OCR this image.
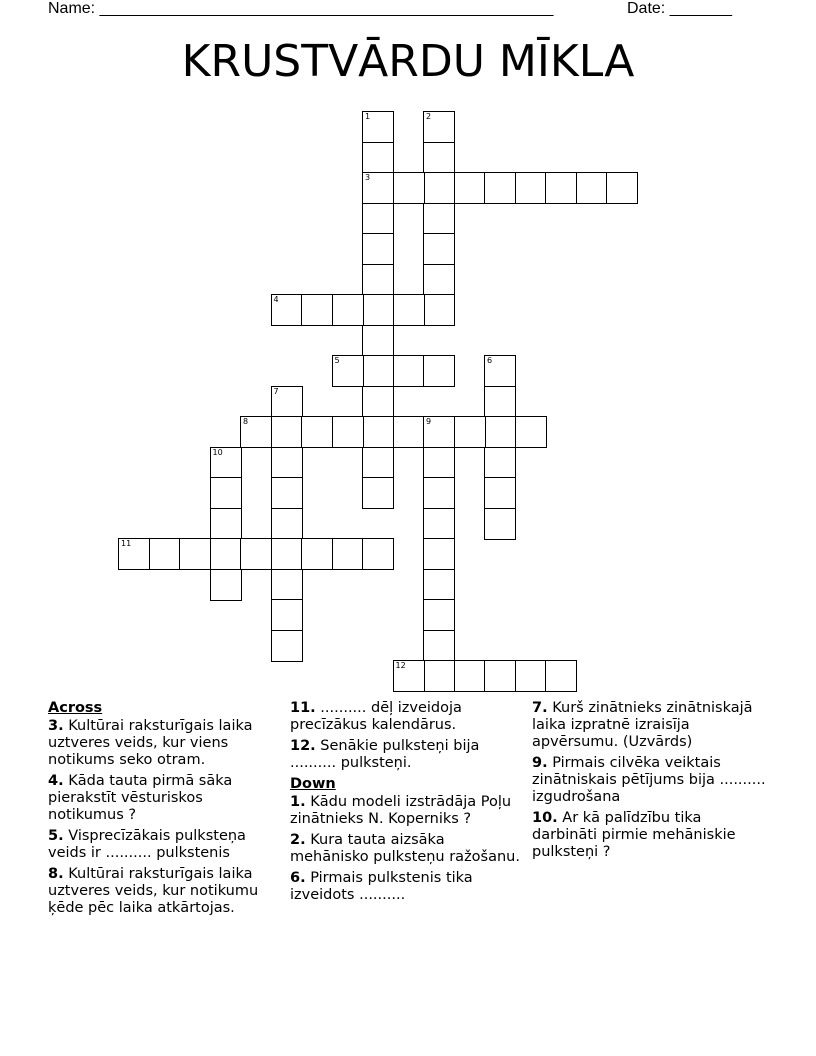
Name: ___________________________________________________	Date: _______
KRUSTVĀRDU MĪKLA
1
3
2
4
5	6
7
8	9
10
11
12
Across
3. Kultūrai raksturīgais laika uztveres veids, kur viens notikums seko otram.
4. Kāda tauta pirmā sāka pierakstīt vēsturiskos notikumus ?
5. Visprecīzākais pulksteņa veids ir .......... pulkstenis
8. Kultūrai raksturīgais laika uztveres veids, kur notikumu ķēde pēc laika atkārtojas.
11. .......... dēļ izveidoja precīzākus kalendārus.
12. Senākie pulksteņi bija .......... pulksteņi.
Down
1. Kādu modeli izstrādāja Poļu zinātnieks N. Koperniks ?
2. Kura tauta aizsāka mehānisko pulksteņu ražošanu.
6. Pirmais pulkstenis tika izveidots ..........
7. Kurš zinātnieks zinātniskajā laika izpratnē izraisīja apvērsumu. (Uzvārds)
9. Pirmais cilvēka veiktais zinātniskais pētījums bija .......... izgudrošana
10. Ar kā palīdzību tika darbināti pirmie mehāniskie pulksteņi ?
